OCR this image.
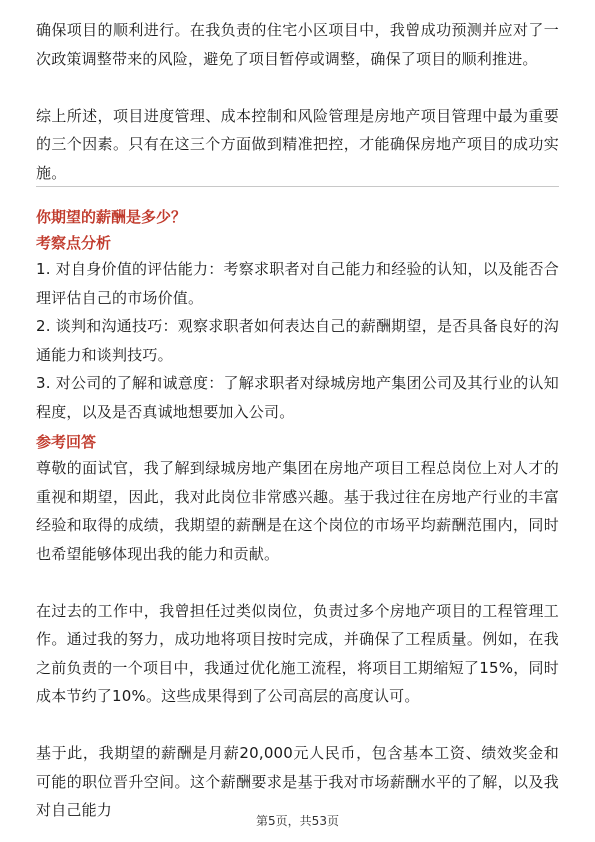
确保项目的顺利进行。在我负责的住宅小区项目中，我曾成功预测并应对了一次政策调整带来的风险，避免了项目暂停或调整，确保了项目的顺利推进。

综上所述，项目进度管理、成本控制和风险管理是房地产项目管理中最为重要的三个因素。只有在这三个方面做到精准把控，才能确保房地产项目的成功实施。

你期望的薪酬是多少？

考察点分析

1. 对自身价值的评估能力：考察求职者对自己能力和经验的认知，以及能否合理评估自己的市场价值。

2. 谈判和沟通技巧：观察求职者如何表达自己的薪酬期望，是否具备良好的沟通能力和谈判技巧。

3. 对公司的了解和诚意度：了解求职者对绿城房地产集团公司及其行业的认知程度，以及是否真诚地想要加入公司。

参考回答

尊敬的面试官，我了解到绿城房地产集团在房地产项目工程总岗位上对人才的重视和期望，因此，我对此岗位非常感兴趣。基于我过往在房地产行业的丰富经验和取得的成绩，我期望的薪酬是在这个岗位的市场平均薪酬范围内，同时也希望能够体现出我的能力和贡献。

在过去的工作中，我曾担任过类似岗位，负责过多个房地产项目的工程管理工作。通过我的努力，成功地将项目按时完成，并确保了工程质量。例如，在我之前负责的一个项目中，我通过优化施工流程，将项目工期缩短了15%，同时成本节约了10%。这些成果得到了公司高层的高度认可。

基于此，我期望的薪酬是月薪20,000元人民币，包含基本工资、绩效奖金和可能的职位晋升空间。这个薪酬要求是基于我对市场薪酬水平的了解，以及我对自己能力

第5页，共53页
